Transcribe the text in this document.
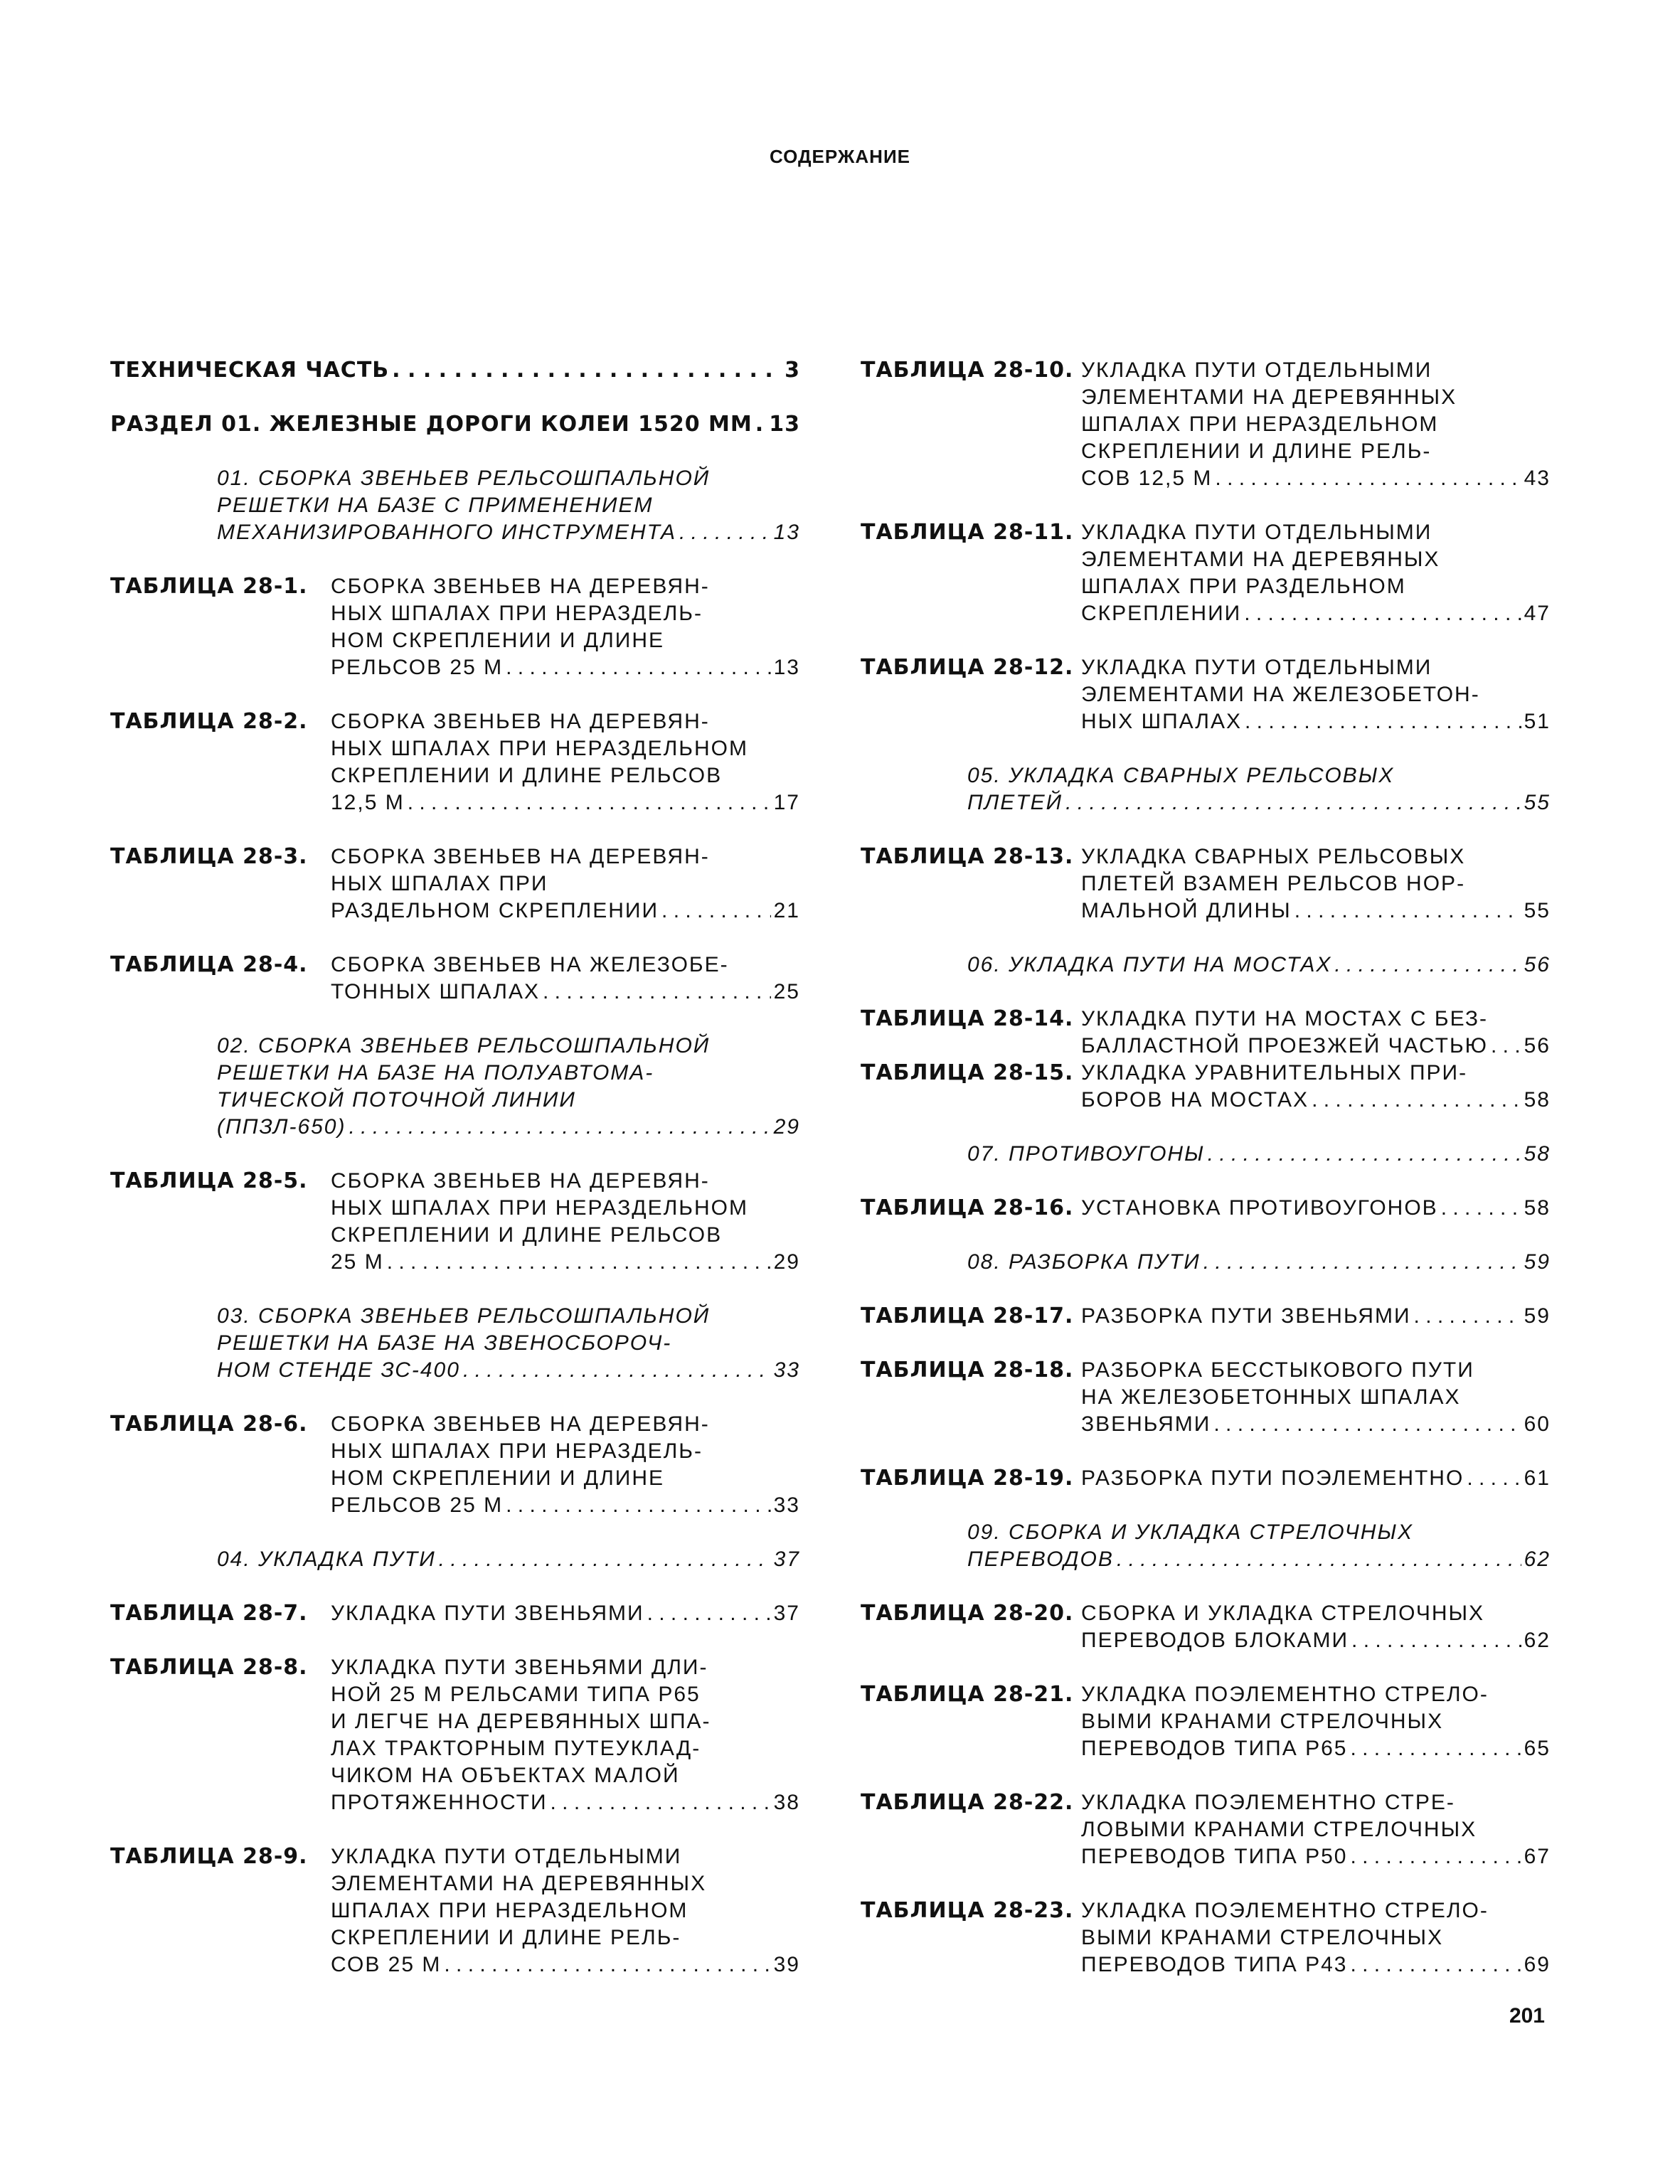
СОДЕРЖАНИЕ
ТЕХНИЧЕСКАЯ ЧАСТЬ . . .	3
РАЗДЕЛ 01. ЖЕЛЕЗНЫЕ ДОРОГИ КОЛЕИ 1520 ММ . . . 13
01. СБОРКА ЗВЕНЬЕВ РЕЛЬСОШПАЛЬНОЙ
РЕШЕТКИ НА БАЗЕ С ПРИМЕНЕНИЕМ
МЕХАНИЗИРОВАННОГО ИНСТРУМЕНТА . . .	13
ТАБЛИЦА 28-1. СБОРКА ЗВЕНЬЕВ НА ДЕРЕВЯН-
НЫХ ШПАЛАХ ПРИ НЕРАЗДЕЛЬ-
НОМ СКРЕПЛЕНИИ И ДЛИНЕ
РЕЛЬСОВ 25 М . . .	13
ТАБЛИЦА 28-2. СБОРКА ЗВЕНЬЕВ НА ДЕРЕВЯН-
НЫХ ШПАЛАХ ПРИ НЕРАЗДЕЛЬНОМ
СКРЕПЛЕНИИ И ДЛИНЕ РЕЛЬСОВ
12,5 М . . .	17
ТАБЛИЦА 28-3. СБОРКА ЗВЕНЬЕВ НА ДЕРЕВЯН-
НЫХ ШПАЛАХ ПРИ
РАЗДЕЛЬНОМ СКРЕПЛЕНИИ . . .	21
ТАБЛИЦА 28-4. СБОРКА ЗВЕНЬЕВ НА ЖЕЛЕЗОБЕ-
ТОННЫХ ШПАЛАХ . . .	25
02. СБОРКА ЗВЕНЬЕВ РЕЛЬСОШПАЛЬНОЙ
РЕШЕТКИ НА БАЗЕ НА ПОЛУАВТОМА-
ТИЧЕСКОЙ ПОТОЧНОЙ ЛИНИИ
(ППЗЛ-650) . . .	29
ТАБЛИЦА 28-5. СБОРКА ЗВЕНЬЕВ НА ДЕРЕВЯН-
НЫХ ШПАЛАХ ПРИ НЕРАЗДЕЛЬНОМ
СКРЕПЛЕНИИ И ДЛИНЕ РЕЛЬСОВ
25 М . . .	29
03. СБОРКА ЗВЕНЬЕВ РЕЛЬСОШПАЛЬНОЙ
РЕШЕТКИ НА БАЗЕ НА ЗВЕНОСБОРОЧ-
НОМ СТЕНДЕ ЗС-400 . . .	33
ТАБЛИЦА 28-6. СБОРКА ЗВЕНЬЕВ НА ДЕРЕВЯН-
НЫХ ШПАЛАХ ПРИ НЕРАЗДЕЛЬ-
НОМ СКРЕПЛЕНИИ И ДЛИНЕ
РЕЛЬСОВ 25 М . . .	33
04. УКЛАДКА ПУТИ . . .	37
ТАБЛИЦА 28-7. УКЛАДКА ПУТИ ЗВЕНЬЯМИ . . .	37
ТАБЛИЦА 28-8. УКЛАДКА ПУТИ ЗВЕНЬЯМИ ДЛИ-
НОЙ 25 М РЕЛЬСАМИ ТИПА Р65
И ЛЕГЧЕ НА ДЕРЕВЯННЫХ ШПА-
ЛАХ ТРАКТОРНЫМ ПУТЕУКЛАД-
ЧИКОМ НА ОБЪЕКТАХ МАЛОЙ
ПРОТЯЖЕННОСТИ . . .	38
ТАБЛИЦА 28-9. УКЛАДКА ПУТИ ОТДЕЛЬНЫМИ
ЭЛЕМЕНТАМИ НА ДЕРЕВЯННЫХ
ШПАЛАХ ПРИ НЕРАЗДЕЛЬНОМ
СКРЕПЛЕНИИ И ДЛИНЕ РЕЛЬ-
СОВ 25 М . . .	39
ТАБЛИЦА 28-10. УКЛАДКА ПУТИ ОТДЕЛЬНЫМИ
ЭЛЕМЕНТАМИ НА ДЕРЕВЯННЫХ
ШПАЛАХ ПРИ НЕРАЗДЕЛЬНОМ
СКРЕПЛЕНИИ И ДЛИНЕ РЕЛЬ-
СОВ 12,5 М . . .	43
ТАБЛИЦА 28-11. УКЛАДКА ПУТИ ОТДЕЛЬНЫМИ
ЭЛЕМЕНТАМИ НА ДЕРЕВЯНЫХ
ШПАЛАХ ПРИ РАЗДЕЛЬНОМ
СКРЕПЛЕНИИ . . .	47
ТАБЛИЦА 28-12. УКЛАДКА ПУТИ ОТДЕЛЬНЫМИ
ЭЛЕМЕНТАМИ НА ЖЕЛЕЗОБЕТОН-
НЫХ ШПАЛАХ . . .	51
05. УКЛАДКА СВАРНЫХ РЕЛЬСОВЫХ
ПЛЕТЕЙ . . .	55
ТАБЛИЦА 28-13. УКЛАДКА СВАРНЫХ РЕЛЬСОВЫХ
ПЛЕТЕЙ ВЗАМЕН РЕЛЬСОВ НОР-
МАЛЬНОЙ ДЛИНЫ . . .	55
06. УКЛАДКА ПУТИ НА МОСТАХ . . .	56
ТАБЛИЦА 28-14. УКЛАДКА ПУТИ НА МОСТАХ С БЕЗ-
БАЛЛАСТНОЙ ПРОЕЗЖЕЙ ЧАСТЬЮ . . . 56
ТАБЛИЦА 28-15. УКЛАДКА УРАВНИТЕЛЬНЫХ ПРИ-
БОРОВ НА МОСТАХ . . .	58
07. ПРОТИВОУГОНЫ . . .	58
ТАБЛИЦА 28-16. УСТАНОВКА ПРОТИВОУГОНОВ . . .	58
08. РАЗБОРКА ПУТИ . . .	59
ТАБЛИЦА 28-17. РАЗБОРКА ПУТИ ЗВЕНЬЯМИ . . .	59
ТАБЛИЦА 28-18. РАЗБОРКА БЕССТЫКОВОГО ПУТИ
НА ЖЕЛЕЗОБЕТОННЫХ ШПАЛАХ
ЗВЕНЬЯМИ . . .	60
ТАБЛИЦА 28-19. РАЗБОРКА ПУТИ ПОЭЛЕМЕНТНО . . .	61
09. СБОРКА И УКЛАДКА СТРЕЛОЧНЫХ
ПЕРЕВОДОВ . . .	62
ТАБЛИЦА 28-20. СБОРКА И УКЛАДКА СТРЕЛОЧНЫХ
ПЕРЕВОДОВ БЛОКАМИ . . .	62
ТАБЛИЦА 28-21. УКЛАДКА ПОЭЛЕМЕНТНО СТРЕЛО-
ВЫМИ КРАНАМИ СТРЕЛОЧНЫХ
ПЕРЕВОДОВ ТИПА Р65 . . .	65
ТАБЛИЦА 28-22. УКЛАДКА ПОЭЛЕМЕНТНО СТРЕ-
ЛОВЫМИ КРАНАМИ СТРЕЛОЧНЫХ
ПЕРЕВОДОВ ТИПА Р50 . . .	67
ТАБЛИЦА 28-23. УКЛАДКА ПОЭЛЕМЕНТНО СТРЕЛО-
ВЫМИ КРАНАМИ СТРЕЛОЧНЫХ
ПЕРЕВОДОВ ТИПА Р43 . . .	69
201
